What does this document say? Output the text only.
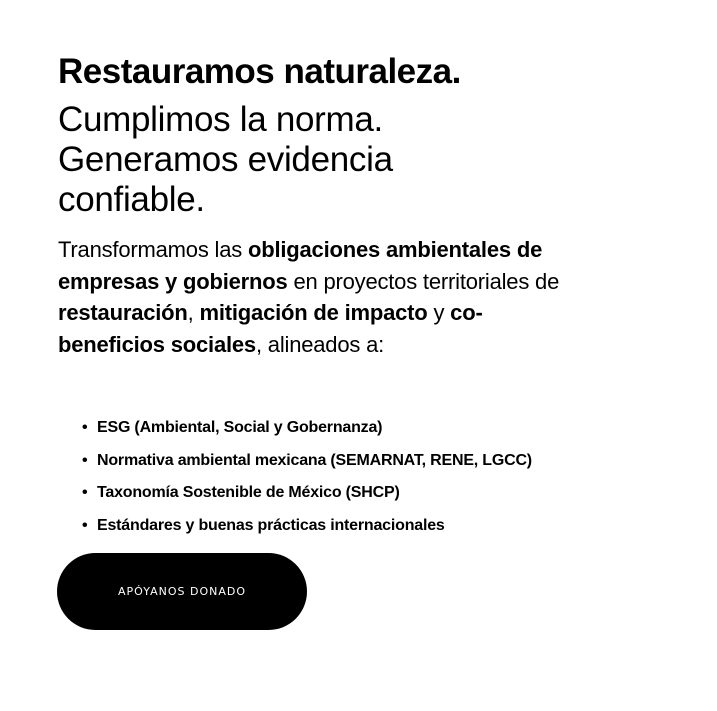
Restauramos naturaleza.
Cumplimos la norma.
Generamos evidencia
confiable.

Transformamos las obligaciones ambientales de empresas y gobiernos en proyectos territoriales de restauración, mitigación de impacto y co-beneficios sociales, alineados a:

• ESG (Ambiental, Social y Gobernanza)
• Normativa ambiental mexicana (SEMARNAT, RENE, LGCC)
• Taxonomía Sostenible de México (SHCP)
• Estándares y buenas prácticas internacionales
APÓYANOS DONADO
